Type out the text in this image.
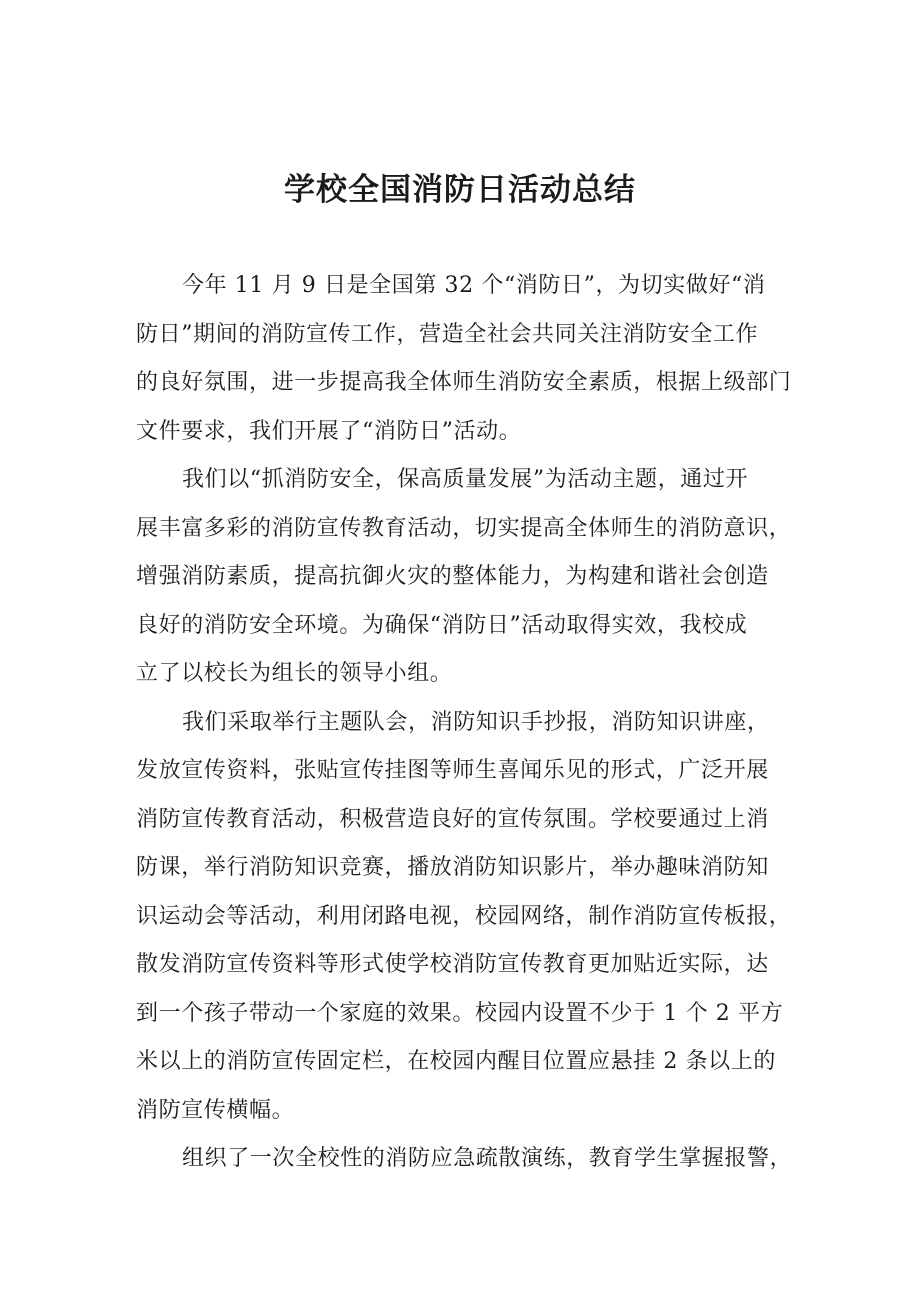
学校全国消防日活动总结

今年 11 月 9 日是全国第 32 个“消防日”，为切实做好“消
防日”期间的消防宣传工作，营造全社会共同关注消防安全工作
的良好氛围，进一步提高我全体师生消防安全素质，根据上级部门
文件要求，我们开展了“消防日”活动。

我们以“抓消防安全，保高质量发展”为活动主题，通过开
展丰富多彩的消防宣传教育活动，切实提高全体师生的消防意识，
增强消防素质，提高抗御火灾的整体能力，为构建和谐社会创造
良好的消防安全环境。为确保“消防日”活动取得实效，我校成
立了以校长为组长的领导小组。

我们采取举行主题队会，消防知识手抄报，消防知识讲座，
发放宣传资料，张贴宣传挂图等师生喜闻乐见的形式，广泛开展
消防宣传教育活动，积极营造良好的宣传氛围。学校要通过上消
防课，举行消防知识竞赛，播放消防知识影片，举办趣味消防知
识运动会等活动，利用闭路电视，校园网络，制作消防宣传板报，
散发消防宣传资料等形式使学校消防宣传教育更加贴近实际，达
到一个孩子带动一个家庭的效果。校园内设置不少于 1 个 2 平方
米以上的消防宣传固定栏，在校园内醒目位置应悬挂 2 条以上的
消防宣传横幅。

组织了一次全校性的消防应急疏散演练，教育学生掌握报警，
